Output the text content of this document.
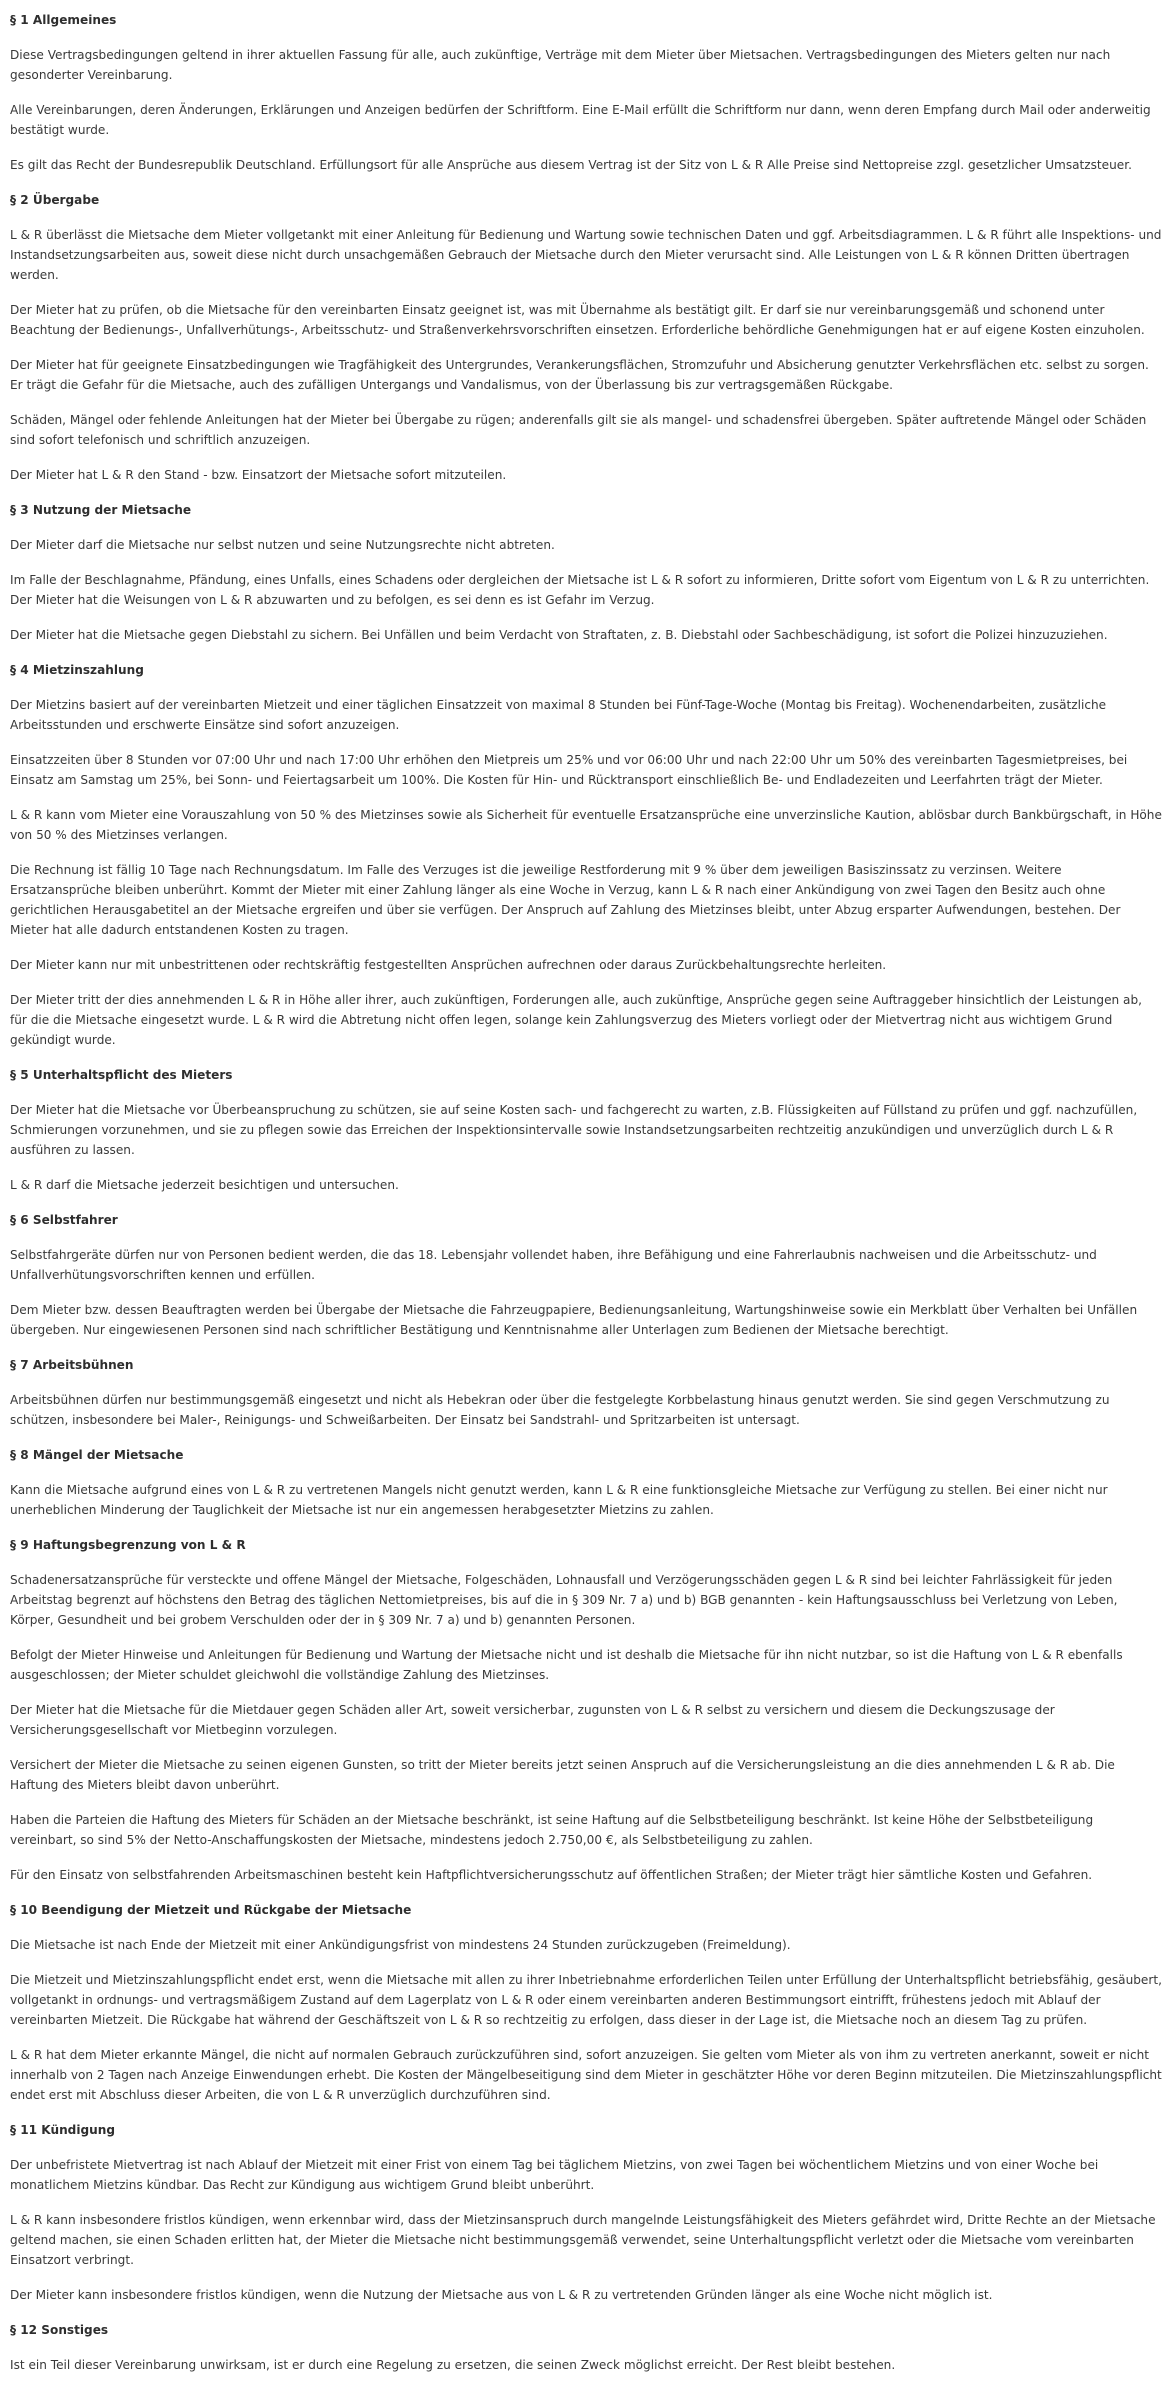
§ 1 Allgemeines

Diese Vertragsbedingungen geltend in ihrer aktuellen Fassung für alle, auch zukünftige, Verträge mit dem Mieter über Mietsachen. Vertragsbedingungen des Mieters gelten nur nach gesonderter Vereinbarung.

Alle Vereinbarungen, deren Änderungen, Erklärungen und Anzeigen bedürfen der Schriftform. Eine E-Mail erfüllt die Schriftform nur dann, wenn deren Empfang durch Mail oder anderweitig bestätigt wurde.

Es gilt das Recht der Bundesrepublik Deutschland. Erfüllungsort für alle Ansprüche aus diesem Vertrag ist der Sitz von L & R Alle Preise sind Nettopreise zzgl. gesetzlicher Umsatzsteuer.

§ 2 Übergabe

L & R überlässt die Mietsache dem Mieter vollgetankt mit einer Anleitung für Bedienung und Wartung sowie technischen Daten und ggf. Arbeitsdiagrammen. L & R führt alle Inspektions- und Instandsetzungsarbeiten aus, soweit diese nicht durch unsachgemäßen Gebrauch der Mietsache durch den Mieter verursacht sind. Alle Leistungen von L & R können Dritten übertragen werden.

Der Mieter hat zu prüfen, ob die Mietsache für den vereinbarten Einsatz geeignet ist, was mit Übernahme als bestätigt gilt. Er darf sie nur vereinbarungsgemäß und schonend unter Beachtung der Bedienungs-, Unfallverhütungs-, Arbeitsschutz- und Straßenverkehrsvorschriften einsetzen. Erforderliche behördliche Genehmigungen hat er auf eigene Kosten einzuholen.

Der Mieter hat für geeignete Einsatzbedingungen wie Tragfähigkeit des Untergrundes, Verankerungsflächen, Stromzufuhr und Absicherung genutzter Verkehrsflächen etc. selbst zu sorgen. Er trägt die Gefahr für die Mietsache, auch des zufälligen Untergangs und Vandalismus, von der Überlassung bis zur vertragsgemäßen Rückgabe.

Schäden, Mängel oder fehlende Anleitungen hat der Mieter bei Übergabe zu rügen; anderenfalls gilt sie als mangel- und schadensfrei übergeben. Später auftretende Mängel oder Schäden sind sofort telefonisch und schriftlich anzuzeigen.

Der Mieter hat L & R den Stand - bzw. Einsatzort der Mietsache sofort mitzuteilen.

§ 3 Nutzung der Mietsache

Der Mieter darf die Mietsache nur selbst nutzen und seine Nutzungsrechte nicht abtreten.

Im Falle der Beschlagnahme, Pfändung, eines Unfalls, eines Schadens oder dergleichen der Mietsache ist L & R sofort zu informieren, Dritte sofort vom Eigentum von L & R zu unterrichten. Der Mieter hat die Weisungen von L & R abzuwarten und zu befolgen, es sei denn es ist Gefahr im Verzug.

Der Mieter hat die Mietsache gegen Diebstahl zu sichern. Bei Unfällen und beim Verdacht von Straftaten, z. B. Diebstahl oder Sachbeschädigung, ist sofort die Polizei hinzuzuziehen.

§ 4 Mietzinszahlung

Der Mietzins basiert auf der vereinbarten Mietzeit und einer täglichen Einsatzzeit von maximal 8 Stunden bei Fünf-Tage-Woche (Montag bis Freitag). Wochenendarbeiten, zusätzliche Arbeitsstunden und erschwerte Einsätze sind sofort anzuzeigen.

Einsatzzeiten über 8 Stunden vor 07:00 Uhr und nach 17:00 Uhr erhöhen den Mietpreis um 25% und vor 06:00 Uhr und nach 22:00 Uhr um 50% des vereinbarten Tagesmietpreises, bei Einsatz am Samstag um 25%, bei Sonn- und Feiertagsarbeit um 100%. Die Kosten für Hin- und Rücktransport einschließlich Be- und Endladezeiten und Leerfahrten trägt der Mieter.

L & R kann vom Mieter eine Vorauszahlung von 50 % des Mietzinses sowie als Sicherheit für eventuelle Ersatzansprüche eine unverzinsliche Kaution, ablösbar durch Bankbürgschaft, in Höhe von 50 % des Mietzinses verlangen.

Die Rechnung ist fällig 10 Tage nach Rechnungsdatum. Im Falle des Verzuges ist die jeweilige Restforderung mit 9 % über dem jeweiligen Basiszinssatz zu verzinsen. Weitere Ersatzansprüche bleiben unberührt. Kommt der Mieter mit einer Zahlung länger als eine Woche in Verzug, kann L & R nach einer Ankündigung von zwei Tagen den Besitz auch ohne gerichtlichen Herausgabetitel an der Mietsache ergreifen und über sie verfügen. Der Anspruch auf Zahlung des Mietzinses bleibt, unter Abzug ersparter Aufwendungen, bestehen. Der Mieter hat alle dadurch entstandenen Kosten zu tragen.

Der Mieter kann nur mit unbestrittenen oder rechtskräftig festgestellten Ansprüchen aufrechnen oder daraus Zurückbehaltungsrechte herleiten.

Der Mieter tritt der dies annehmenden L & R in Höhe aller ihrer, auch zukünftigen, Forderungen alle, auch zukünftige, Ansprüche gegen seine Auftraggeber hinsichtlich der Leistungen ab, für die die Mietsache eingesetzt wurde. L & R wird die Abtretung nicht offen legen, solange kein Zahlungsverzug des Mieters vorliegt oder der Mietvertrag nicht aus wichtigem Grund gekündigt wurde.

§ 5 Unterhaltspflicht des Mieters

Der Mieter hat die Mietsache vor Überbeanspruchung zu schützen, sie auf seine Kosten sach- und fachgerecht zu warten, z.B. Flüssigkeiten auf Füllstand zu prüfen und ggf. nachzufüllen, Schmierungen vorzunehmen, und sie zu pflegen sowie das Erreichen der Inspektionsintervalle sowie Instandsetzungsarbeiten rechtzeitig anzukündigen und unverzüglich durch L & R ausführen zu lassen.

L & R darf die Mietsache jederzeit besichtigen und untersuchen.

§ 6 Selbstfahrer

Selbstfahrgeräte dürfen nur von Personen bedient werden, die das 18. Lebensjahr vollendet haben, ihre Befähigung und eine Fahrerlaubnis nachweisen und die Arbeitsschutz- und Unfallverhütungsvorschriften kennen und erfüllen.

Dem Mieter bzw. dessen Beauftragten werden bei Übergabe der Mietsache die Fahrzeugpapiere, Bedienungsanleitung, Wartungshinweise sowie ein Merkblatt über Verhalten bei Unfällen übergeben. Nur eingewiesenen Personen sind nach schriftlicher Bestätigung und Kenntnisnahme aller Unterlagen zum Bedienen der Mietsache berechtigt.

§ 7 Arbeitsbühnen

Arbeitsbühnen dürfen nur bestimmungsgemäß eingesetzt und nicht als Hebekran oder über die festgelegte Korbbelastung hinaus genutzt werden. Sie sind gegen Verschmutzung zu schützen, insbesondere bei Maler-, Reinigungs- und Schweißarbeiten. Der Einsatz bei Sandstrahl- und Spritzarbeiten ist untersagt.

§ 8 Mängel der Mietsache

Kann die Mietsache aufgrund eines von L & R zu vertretenen Mangels nicht genutzt werden, kann L & R eine funktionsgleiche Mietsache zur Verfügung zu stellen. Bei einer nicht nur unerheblichen Minderung der Tauglichkeit der Mietsache ist nur ein angemessen herabgesetzter Mietzins zu zahlen.

§ 9 Haftungsbegrenzung von L & R

Schadenersatzansprüche für versteckte und offene Mängel der Mietsache, Folgeschäden, Lohnausfall und Verzögerungsschäden gegen L & R sind bei leichter Fahrlässigkeit für jeden Arbeitstag begrenzt auf höchstens den Betrag des täglichen Nettomietpreises, bis auf die in § 309 Nr. 7 a) und b) BGB genannten - kein Haftungsausschluss bei Verletzung von Leben, Körper, Gesundheit und bei grobem Verschulden oder der in § 309 Nr. 7 a) und b) genannten Personen.

Befolgt der Mieter Hinweise und Anleitungen für Bedienung und Wartung der Mietsache nicht und ist deshalb die Mietsache für ihn nicht nutzbar, so ist die Haftung von L & R ebenfalls ausgeschlossen; der Mieter schuldet gleichwohl die vollständige Zahlung des Mietzinses.

Der Mieter hat die Mietsache für die Mietdauer gegen Schäden aller Art, soweit versicherbar, zugunsten von L & R selbst zu versichern und diesem die Deckungszusage der Versicherungsgesellschaft vor Mietbeginn vorzulegen.

Versichert der Mieter die Mietsache zu seinen eigenen Gunsten, so tritt der Mieter bereits jetzt seinen Anspruch auf die Versicherungsleistung an die dies annehmenden L & R ab. Die Haftung des Mieters bleibt davon unberührt.

Haben die Parteien die Haftung des Mieters für Schäden an der Mietsache beschränkt, ist seine Haftung auf die Selbstbeteiligung beschränkt. Ist keine Höhe der Selbstbeteiligung vereinbart, so sind 5% der Netto-Anschaffungskosten der Mietsache, mindestens jedoch 2.750,00 €, als Selbstbeteiligung zu zahlen.

Für den Einsatz von selbstfahrenden Arbeitsmaschinen besteht kein Haftpflichtversicherungsschutz auf öffentlichen Straßen; der Mieter trägt hier sämtliche Kosten und Gefahren.

§ 10 Beendigung der Mietzeit und Rückgabe der Mietsache

Die Mietsache ist nach Ende der Mietzeit mit einer Ankündigungsfrist von mindestens 24 Stunden zurückzugeben (Freimeldung).

Die Mietzeit und Mietzinszahlungspflicht endet erst, wenn die Mietsache mit allen zu ihrer Inbetriebnahme erforderlichen Teilen unter Erfüllung der Unterhaltspflicht betriebsfähig, gesäubert, vollgetankt in ordnungs- und vertragsmäßigem Zustand auf dem Lagerplatz von L & R oder einem vereinbarten anderen Bestimmungsort eintrifft, frühestens jedoch mit Ablauf der vereinbarten Mietzeit. Die Rückgabe hat während der Geschäftszeit von L & R so rechtzeitig zu erfolgen, dass dieser in der Lage ist, die Mietsache noch an diesem Tag zu prüfen.

L & R hat dem Mieter erkannte Mängel, die nicht auf normalen Gebrauch zurückzuführen sind, sofort anzuzeigen. Sie gelten vom Mieter als von ihm zu vertreten anerkannt, soweit er nicht innerhalb von 2 Tagen nach Anzeige Einwendungen erhebt. Die Kosten der Mängelbeseitigung sind dem Mieter in geschätzter Höhe vor deren Beginn mitzuteilen. Die Mietzinszahlungspflicht endet erst mit Abschluss dieser Arbeiten, die von L & R unverzüglich durchzuführen sind.

§ 11 Kündigung

Der unbefristete Mietvertrag ist nach Ablauf der Mietzeit mit einer Frist von einem Tag bei täglichem Mietzins, von zwei Tagen bei wöchentlichem Mietzins und von einer Woche bei monatlichem Mietzins kündbar. Das Recht zur Kündigung aus wichtigem Grund bleibt unberührt.

L & R kann insbesondere fristlos kündigen, wenn erkennbar wird, dass der Mietzinsanspruch durch mangelnde Leistungsfähigkeit des Mieters gefährdet wird, Dritte Rechte an der Mietsache geltend machen, sie einen Schaden erlitten hat, der Mieter die Mietsache nicht bestimmungsgemäß verwendet, seine Unterhaltungspflicht verletzt oder die Mietsache vom vereinbarten Einsatzort verbringt.

Der Mieter kann insbesondere fristlos kündigen, wenn die Nutzung der Mietsache aus von L & R zu vertretenden Gründen länger als eine Woche nicht möglich ist.

§ 12 Sonstiges

Ist ein Teil dieser Vereinbarung unwirksam, ist er durch eine Regelung zu ersetzen, die seinen Zweck möglichst erreicht. Der Rest bleibt bestehen.
